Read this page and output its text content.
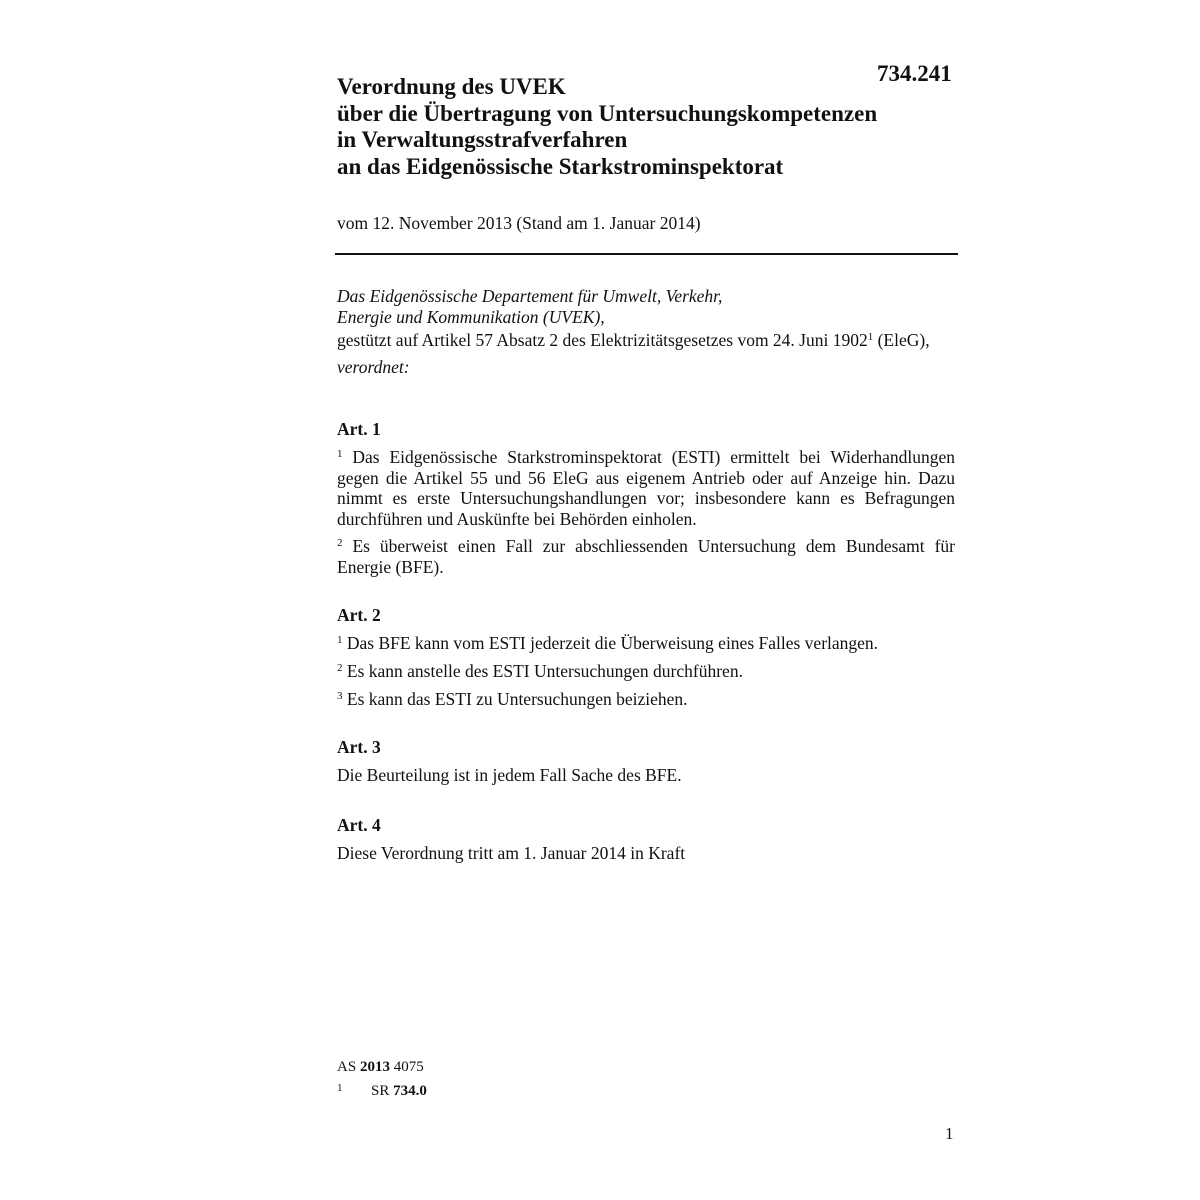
734.241
Verordnung des UVEK
über die Übertragung von Untersuchungskompetenzen
in Verwaltungsstrafverfahren
an das Eidgenössische Starkstrominspektorat
vom 12. November 2013 (Stand am 1. Januar 2014)

Das Eidgenössische Departement für Umwelt, Verkehr,
Energie und Kommunikation (UVEK),

gestützt auf Artikel 57 Absatz 2 des Elektrizitätsgesetzes vom 24. Juni 1902$^1$ (EleG),

verordnet:

Art. 1

$^1$ Das Eidgenössische Starkstrominspektorat (ESTI) ermittelt bei Widerhandlungen gegen die Artikel 55 und 56 EleG aus eigenem Antrieb oder auf Anzeige hin. Dazu nimmt es erste Untersuchungshandlungen vor; insbesondere kann es Befragungen durchführen und Auskünfte bei Behörden einholen.

$^2$ Es überweist einen Fall zur abschliessenden Untersuchung dem Bundesamt für Energie (BFE).

Art. 2

$^1$ Das BFE kann vom ESTI jederzeit die Überweisung eines Falles verlangen.

$^2$ Es kann anstelle des ESTI Untersuchungen durchführen.

$^3$ Es kann das ESTI zu Untersuchungen beiziehen.

Art. 3

Die Beurteilung ist in jedem Fall Sache des BFE.

Art. 4

Diese Verordnung tritt am 1. Januar 2014 in Kraft

AS 2013 4075
1 SR 734.0
1
